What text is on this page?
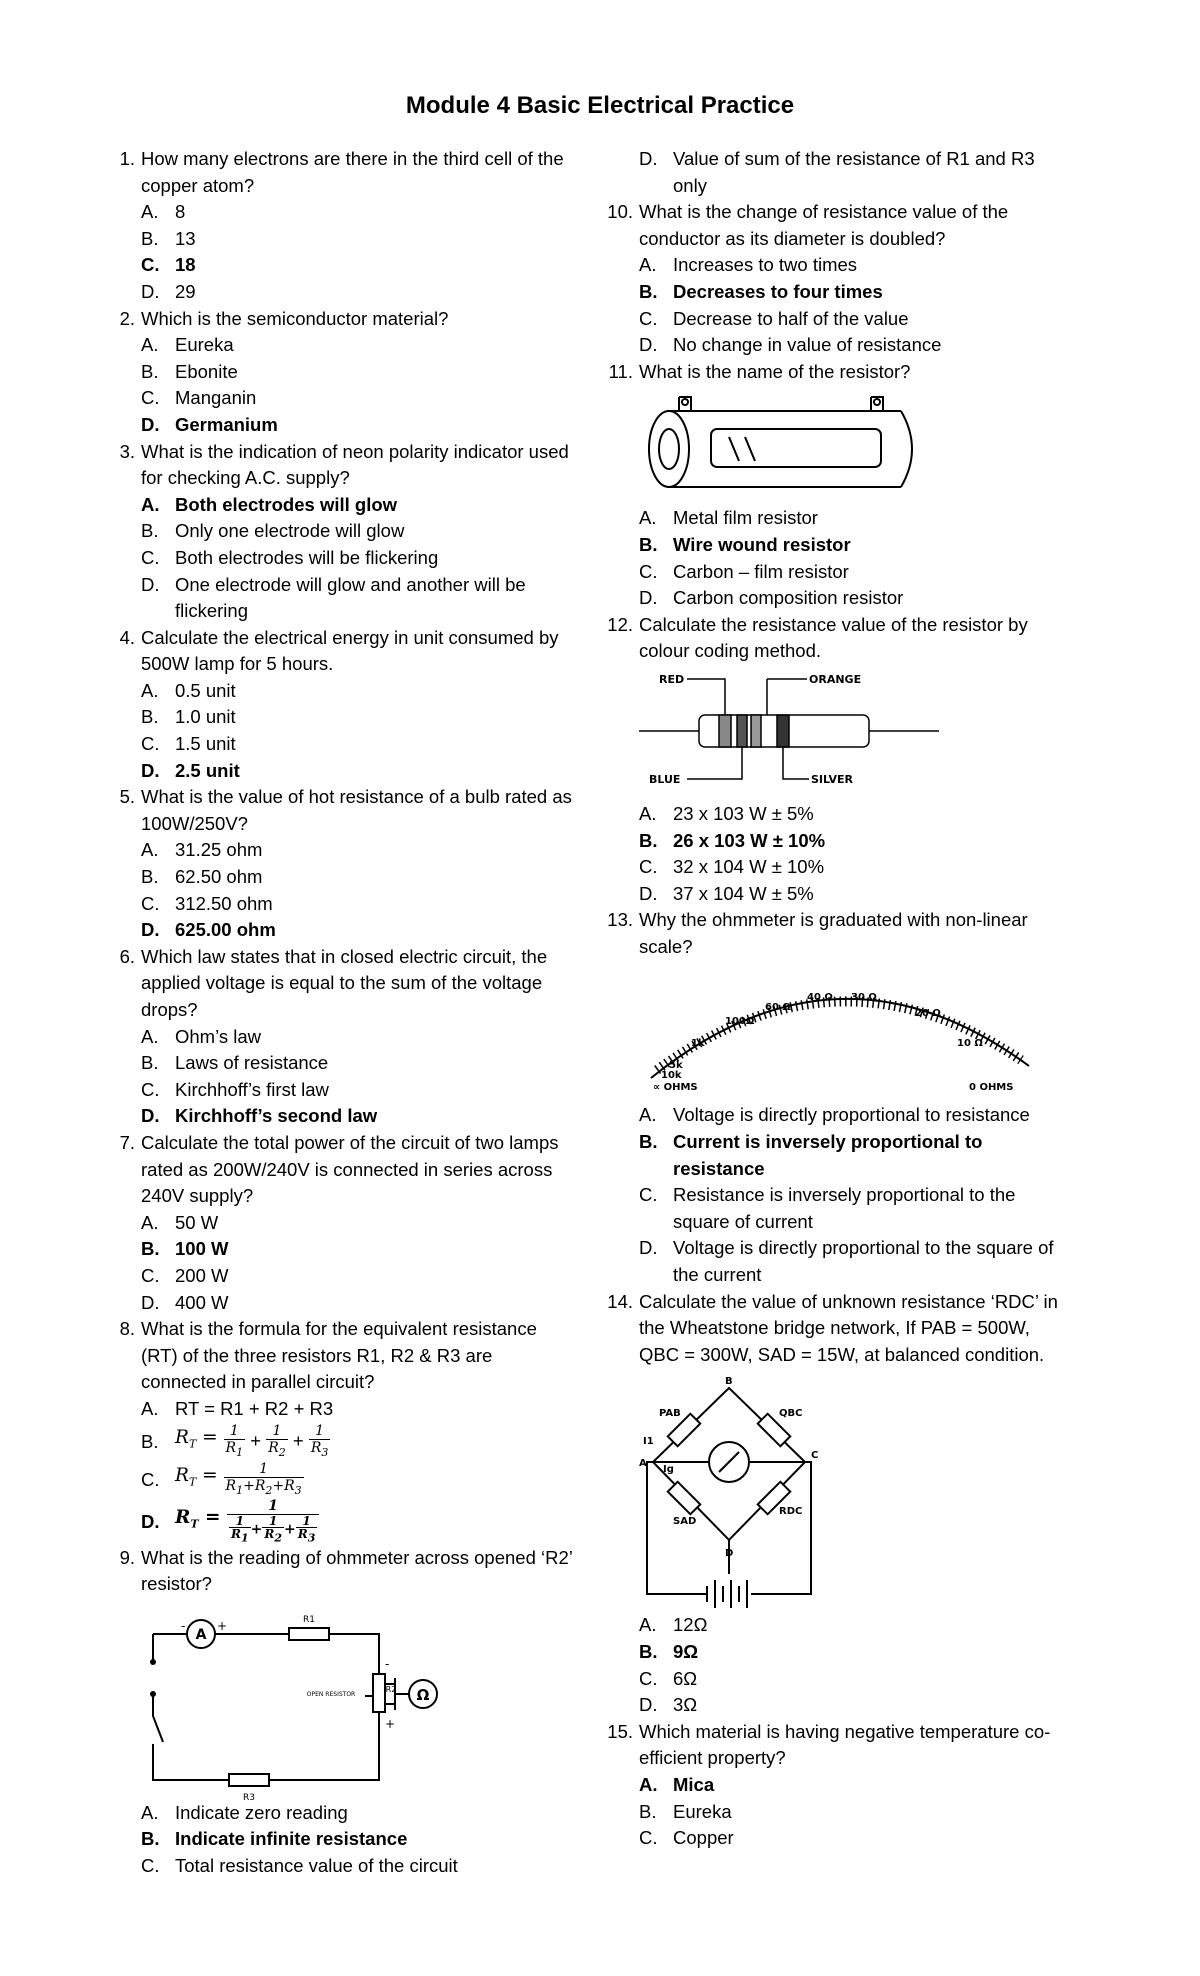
Module 4 Basic Electrical Practice
1. How many electrons are there in the third cell of the copper atom?
A. 8
B. 13
C. 18
D. 29
2. Which is the semiconductor material?
A. Eureka
B. Ebonite
C. Manganin
D. Germanium
3. What is the indication of neon polarity indicator used for checking A.C. supply?
A. Both electrodes will glow
B. Only one electrode will glow
C. Both electrodes will be flickering
D. One electrode will glow and another will be flickering
4. Calculate the electrical energy in unit consumed by 500W lamp for 5 hours.
A. 0.5 unit
B. 1.0 unit
C. 1.5 unit
D. 2.5 unit
5. What is the value of hot resistance of a bulb rated as 100W/250V?
A. 31.25 ohm
B. 62.50 ohm
C. 312.50 ohm
D. 625.00 ohm
6. Which law states that in closed electric circuit, the applied voltage is equal to the sum of the voltage drops?
A. Ohm’s law
B. Laws of resistance
C. Kirchhoff’s first law
D. Kirchhoff’s second law
7. Calculate the total power of the circuit of two lamps rated as 200W/240V is connected in series across 240V supply?
A. 50 W
B. 100 W
C. 200 W
D. 400 W
8. What is the formula for the equivalent resistance (RT) of the three resistors R1, R2 & R3 are connected in parallel circuit?
A. RT = R1 + R2 + R3
B. $R_T = \frac{1}{R_1} + \frac{1}{R_2} + \frac{1}{R_3}$
C. $R_T = \frac{1}{R_1+R_2+R_3}$
D. $R_T = \frac{1}{\frac{1}{R_1} + \frac{1}{R_2} + \frac{1}{R_3}}$
9. What is the reading of ohmmeter across opened ‘R2’ resistor?
A
Ω
R1
R3
R2
OPEN RESISTOR
-	+
-
+
A. Indicate zero reading
B. Indicate infinite resistance
C. Total resistance value of the circuit
D. Value of sum of the resistance of R1 and R3 only
10. What is the change of resistance value of the conductor as its diameter is doubled?
A. Increases to two times
B. Decreases to four times
C. Decrease to half of the value
D. No change in value of resistance
11. What is the name of the resistor?
A. Metal film resistor
B. Wire wound resistor
C. Carbon – film resistor
D. Carbon composition resistor
12. Calculate the resistance value of the resistor by colour coding method.
RED	ORANGE
BLUE	SILVER
A. 23 x 103 W ± 5%
B. 26 x 103 W ± 10%
C. 32 x 104 W ± 10%
D. 37 x 104 W ± 5%
13. Why the ohmmeter is graduated with non-linear scale?
∝ OHMS
10k
5k
1k
100Ω
60 Ω
40 Ω 30 Ω
20 Ω
10 Ω
0 OHMS
A. Voltage is directly proportional to resistance
B. Current is inversely proportional to resistance
C. Resistance is inversely proportional to the square of current
D. Voltage is directly proportional to the square of the current
14. Calculate the value of unknown resistance ‘RDC’ in the Wheatstone bridge network, If PAB = 500W, QBC = 300W, SAD = 15W, at balanced condition.
B
A
C
D
PAB	QBC
RDC
SAD
I1
Ig
A. 12Ω
B. 9Ω
C. 6Ω
D. 3Ω
15. Which material is having negative temperature co-efficient property?
A. Mica
B. Eureka
C. Copper
